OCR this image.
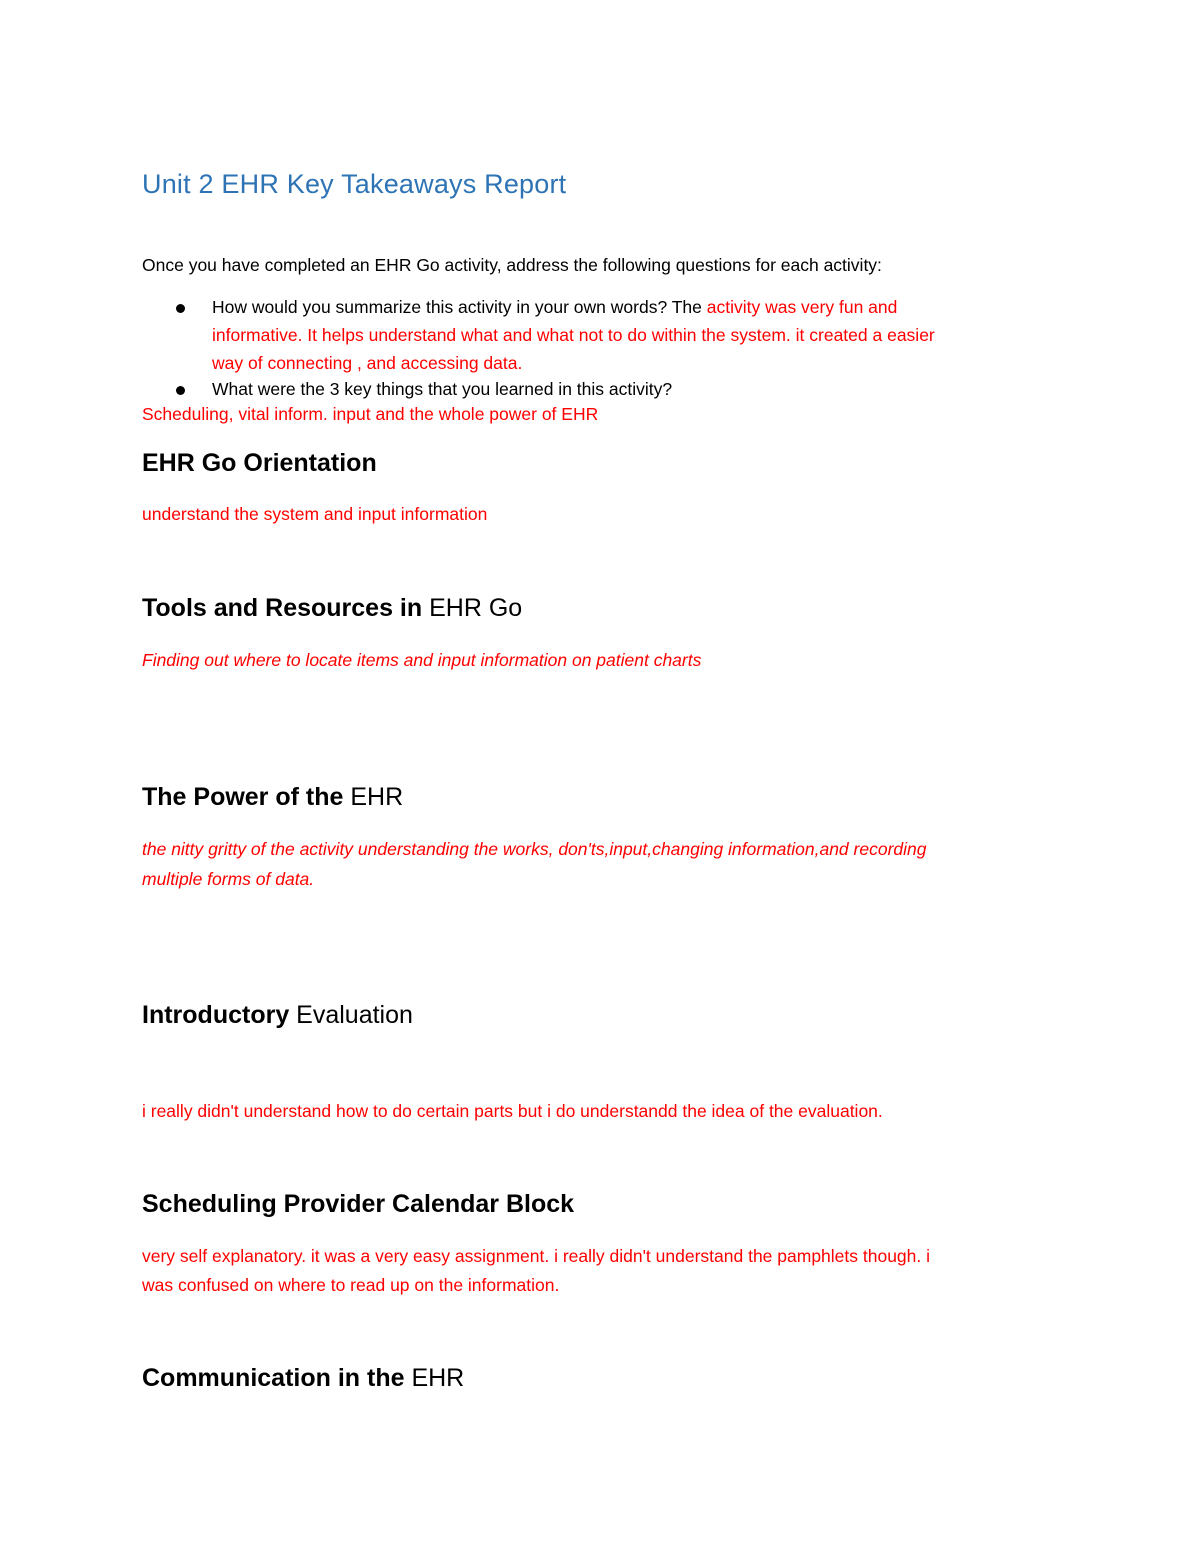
Unit 2 EHR Key Takeaways Report
Once you have completed an EHR Go activity, address the following questions for each activity:
How would you summarize this activity in your own words? The activity was very fun and
informative. It helps understand what and what not to do within the system. it created a easier
way of connecting , and accessing data.
What were the 3 key things that you learned in this activity?
Scheduling, vital inform. input and the whole power of EHR
EHR Go Orientation
understand the system and input information
Tools and Resources in EHR Go
Finding out where to locate items and input information on patient charts
The Power of the EHR
the nitty gritty of the activity understanding the works, don'ts,input,changing information,and recording
multiple forms of data.
Introductory Evaluation
i really didn't understand how to do certain parts but i do understandd the idea of the evaluation.
Scheduling Provider Calendar Block
very self explanatory. it was a very easy assignment. i really didn't understand the pamphlets though. i
was confused on where to read up on the information.
Communication in the EHR
